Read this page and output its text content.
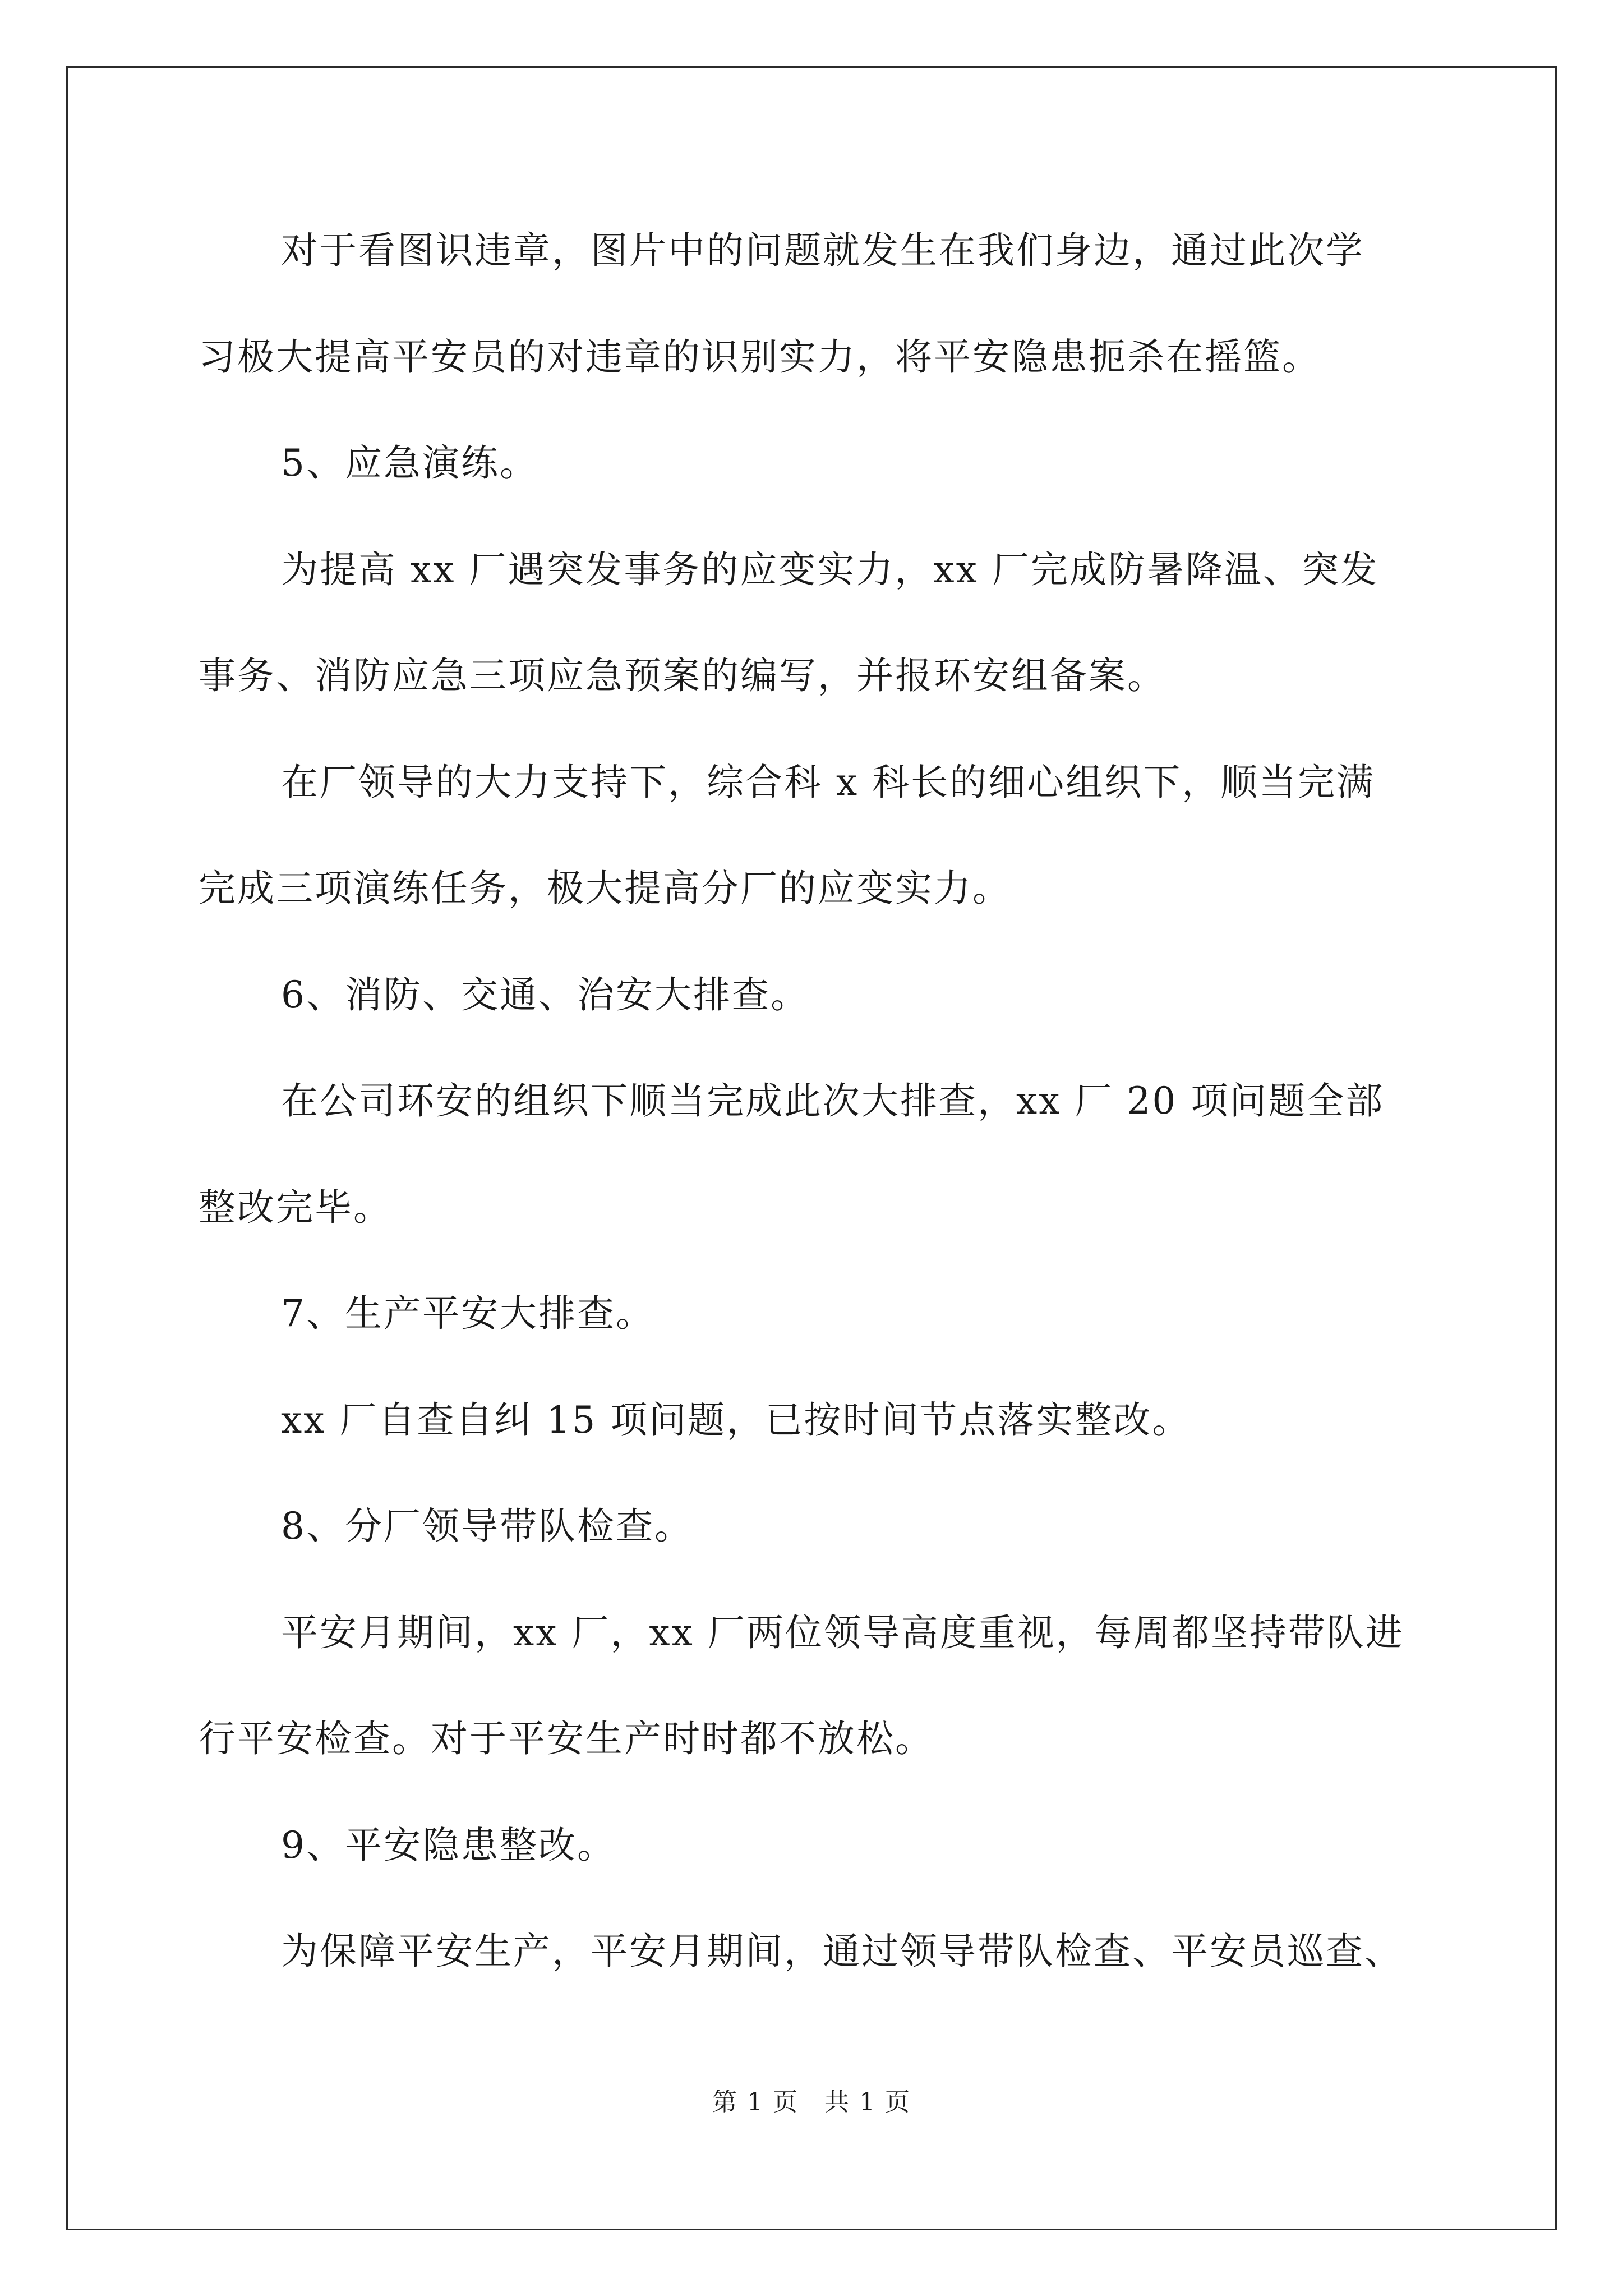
对于看图识违章，图片中的问题就发生在我们身边，通过此次学
习极大提高平安员的对违章的识别实力，将平安隐患扼杀在摇篮。
5、应急演练。
为提高 xx 厂遇突发事务的应变实力，xx 厂完成防暑降温、突发
事务、消防应急三项应急预案的编写，并报环安组备案。
在厂领导的大力支持下，综合科 x 科长的细心组织下，顺当完满
完成三项演练任务，极大提高分厂的应变实力。
6、消防、交通、治安大排查。
在公司环安的组织下顺当完成此次大排查，xx 厂 20 项问题全部
整改完毕。
7、生产平安大排查。
xx 厂自查自纠 15 项问题，已按时间节点落实整改。
8、分厂领导带队检查。
平安月期间，xx 厂，xx 厂两位领导高度重视，每周都坚持带队进
行平安检查。对于平安生产时时都不放松。
9、平安隐患整改。
为保障平安生产，平安月期间，通过领导带队检查、平安员巡查、
第 1 页　共 1 页
